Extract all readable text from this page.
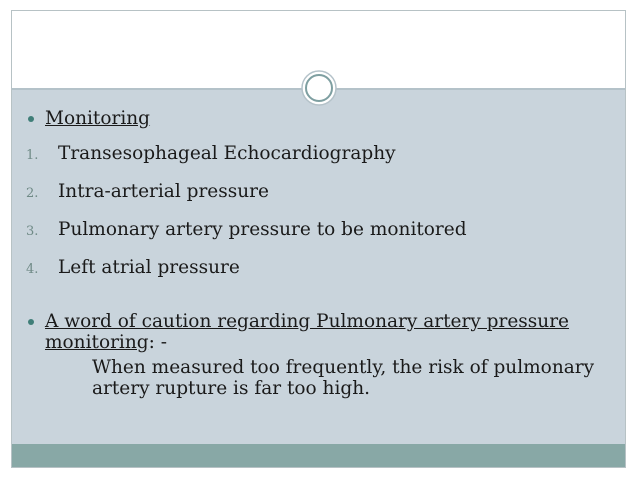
Monitoring
1.	Transesophageal Echocardiography
2.	Intra-arterial pressure
3.	Pulmonary artery pressure to be monitored
4.	Left atrial pressure
A word of caution regarding Pulmonary artery pressure
monitoring: -
When measured too frequently, the risk of pulmonary artery rupture is far too high.
